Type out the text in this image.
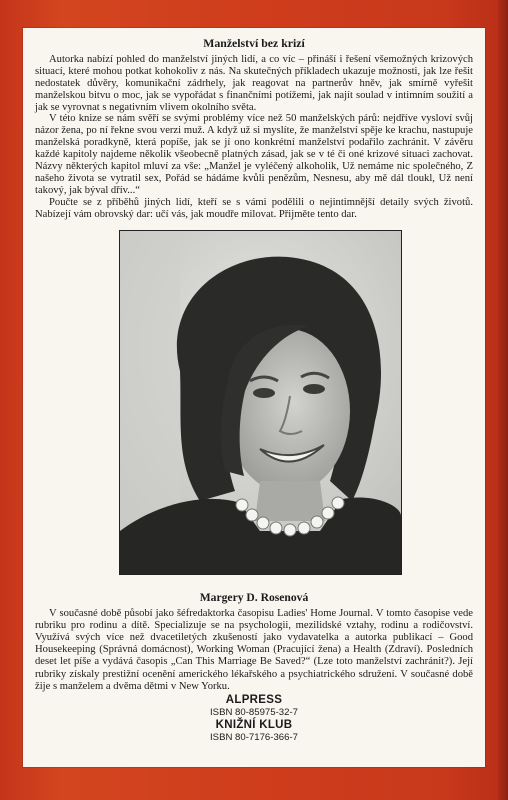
Manželství bez krizí

Autorka nabízí pohled do manželství jiných lidí, a co víc – přináší i řešení všemožných krizových situací, které mohou potkat kohokoliv z nás. Na skutečných příkladech ukazuje možnosti, jak lze řešit nedostatek důvěry, komunikační zádrhely, jak reagovat na partnerův hněv, jak smírně vyřešit manželskou bitvu o moc, jak se vypořádat s finančními potížemi, jak najít soulad v intimním soužití a jak se vyrovnat s negativním vlivem okolního světa.

V této knize se nám svěří se svými problémy více než 50 manželských párů: nejdříve vysloví svůj názor žena, po ní řekne svou verzi muž. A když už si myslíte, že manželství spěje ke krachu, nastupuje manželská poradkyně, která popíše, jak se jí ono konkrétní manželství podařilo zachránit. V závěru každé kapitoly najdeme několik všeobecně platných zásad, jak se v té či oné krizové situaci zachovat. Názvy některých kapitol mluví za vše: „Manžel je vyléčený alkoholik, Už nemáme nic společného, Z našeho života se vytratil sex, Pořád se hádáme kvůli penězům, Nesnesu, aby mě dál tloukl, Už není takový, jak býval dřív...“

Poučte se z příběhů jiných lidí, kteří se s vámi podělili o nejintimnější detaily svých životů. Nabízejí vám obrovský dar: učí vás, jak moudře milovat. Přijměte tento dar.

Margery D. Rosenová

V současné době působí jako šéfredaktorka časopisu Ladies' Home Journal. V tomto časopise vede rubriku pro rodinu a dítě. Specializuje se na psychologii, mezilidské vztahy, rodinu a rodičovství. Využívá svých více než dvacetiletých zkušeností jako vydavatelka a autorka publikací – Good Housekeeping (Správná domácnost), Working Woman (Pracující žena) a Health (Zdraví). Posledních deset let píše a vydává časopis „Can This Marriage Be Saved?“ (Lze toto manželství zachránit?). Její rubriky získaly prestižní ocenění amerického lékařského a psychiatrického sdružení. V současné době žije s manželem a dvěma dětmi v New Yorku.

ALPRESS
ISBN 80-85975-32-7
KNIŽNÍ KLUB
ISBN 80-7176-366-7
